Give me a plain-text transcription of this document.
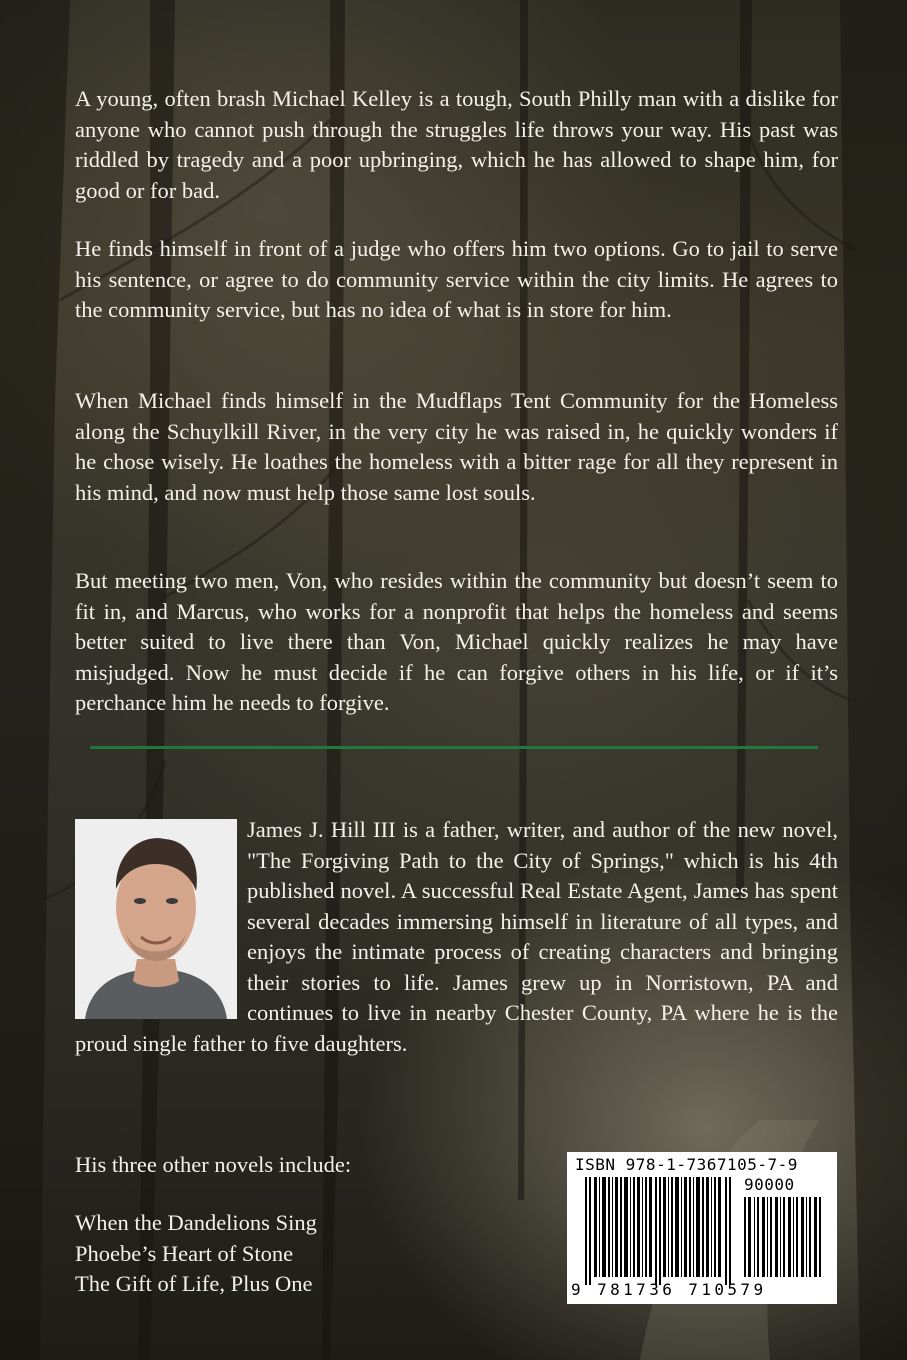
A young, often brash Michael Kelley is a tough, South Philly man with a dislike for anyone who cannot push through the struggles life throws your way. His past was riddled by tragedy and a poor upbringing, which he has allowed to shape him, for good or for bad.

He finds himself in front of a judge who offers him two options. Go to jail to serve his sentence, or agree to do community service within the city limits. He agrees to the community service, but has no idea of what is in store for him.

When Michael finds himself in the Mudflaps Tent Community for the Homeless along the Schuylkill River, in the very city he was raised in, he quickly wonders if he chose wisely. He loathes the homeless with a bitter rage for all they represent in his mind, and now must help those same lost souls.

But meeting two men, Von, who resides within the community but doesn’t seem to fit in, and Marcus, who works for a nonprofit that helps the homeless and seems better suited to live there than Von, Michael quickly realizes he may have misjudged. Now he must decide if he can forgive others in his life, or if it’s perchance him he needs to forgive.

James J. Hill III is a father, writer, and author of the new novel, "The Forgiving Path to the City of Springs," which is his 4th published novel. A successful Real Estate Agent, James has spent several decades immersing himself in literature of all types, and enjoys the intimate process of creating characters and bringing their stories to life. James grew up in Norristown, PA and continues to live in nearby Chester County, PA where he is the proud single father to five daughters.

His three other novels include:
When the Dandelions Sing
Phoebe’s Heart of Stone
The Gift of Life, Plus One
ISBN 978-1-7367105-7-9
90000
9 781736 710579
